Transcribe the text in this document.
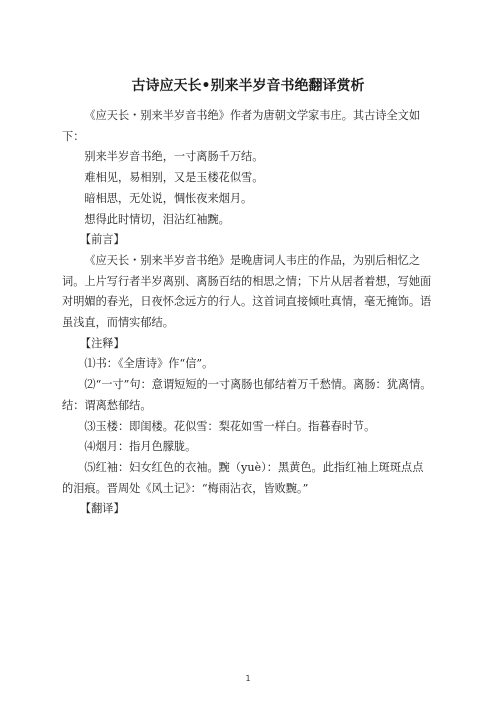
古诗应天长•别来半岁音书绝翻译赏析

《应天长・别来半岁音书绝》作者为唐朝文学家韦庄。其古诗全文如下：

别来半岁音书绝，一寸离肠千万结。

难相见，易相别，又是玉楼花似雪。

暗相思，无处说，惆怅夜来烟月。

想得此时情切，泪沾红袖黦。

【前言】

《应天长・别来半岁音书绝》是晚唐词人韦庄的作品，为别后相忆之词。上片写行者半岁离别、离肠百结的相思之情；下片从居者着想，写她面对明媚的春光，日夜怀念远方的行人。这首词直接倾吐真情，毫无掩饰。语虽浅直，而情实郁结。

【注释】

⑴书：《全唐诗》作“信”。

⑵“一寸”句：意谓短短的一寸离肠也郁结着万千愁情。离肠：犹离情。结：谓离愁郁结。

⑶玉楼：即闺楼。花似雪：梨花如雪一样白。指暮春时节。

⑷烟月：指月色朦胧。

⑸红袖：妇女红色的衣袖。黦（yuè）：黑黄色。此指红袖上斑斑点点的泪痕。晋周处《风土记》：“梅雨沾衣，皆败黦。”

【翻译】

1
